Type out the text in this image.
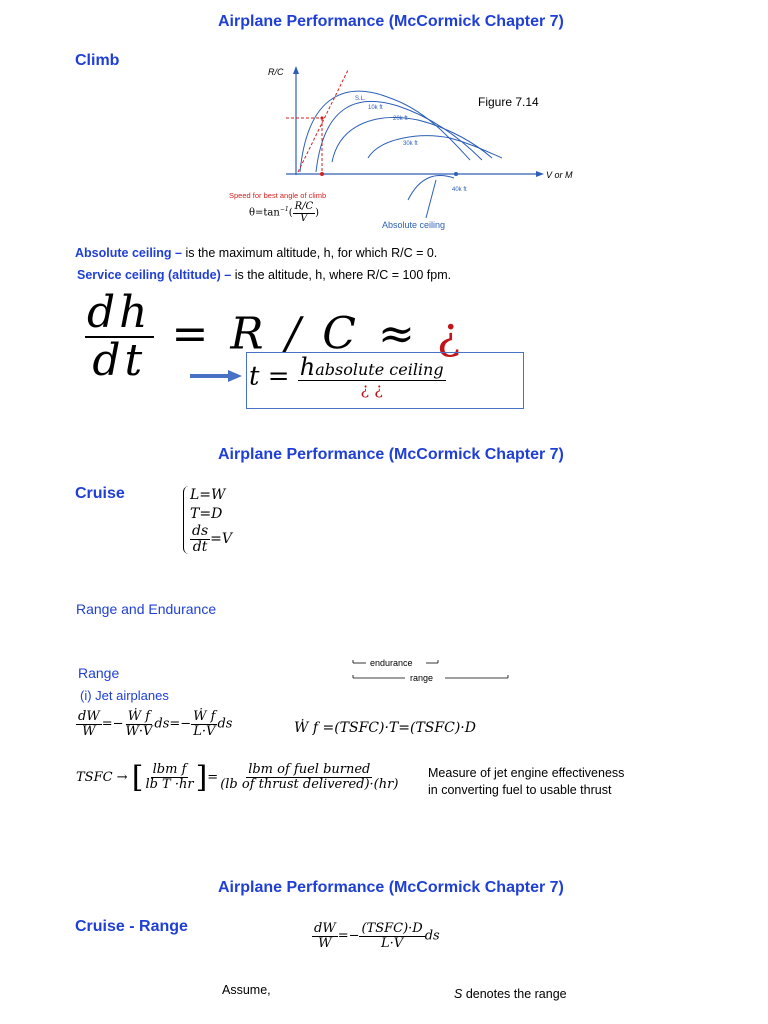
Airplane Performance (McCormick Chapter 7)
Climb
R/C
V or M
Figure 7.14
S.L.
10k ft
20k ft
30k ft
40k ft
Speed for best angle of climb
Absolute ceiling
$\theta=\tan^{-1}( \frac{R/C}{V}$ )
Absolute ceiling – is the maximum altitude, h, for which R/C = 0.
Service ceiling (altitude) – is the altitude, h, where R/C = 100 fpm.
$\frac{dh}{dt} = R / C$ ≈ ¿
$t = \frac{\text{habsolute ceiling}}{¿ ¿}$
Airplane Performance (McCormick Chapter 7)
Cruise	L=W
T=D
$\frac{ds}{dt} =V$
Range and Endurance
endurance
range
Range
(i) Jet airplanes
$\frac{dW}{W} =- \frac{\text{Ẇ f}}{W\cdot V} ds=- \frac{\text{Ẇ f}}{L\cdot V}$ ds	Ẇ f =(TSFC)·T=(TSFC)·D
TSFC → [ $\frac{\text{lbm f}}{\text{lb T ·hr}}$ ]= $\frac{\text{lbm of fuel burned}}{\text{(lb of thrust delivered)·(hr)}}$ Measure of jet engine effectiveness
in converting fuel to usable thrust
Airplane Performance (McCormick Chapter 7)
Cruise - Range	$\frac{dW}{W} =- \frac{\text{(TSFC)·D}}{L\cdot V}$ ds
Assume,	S denotes the range
